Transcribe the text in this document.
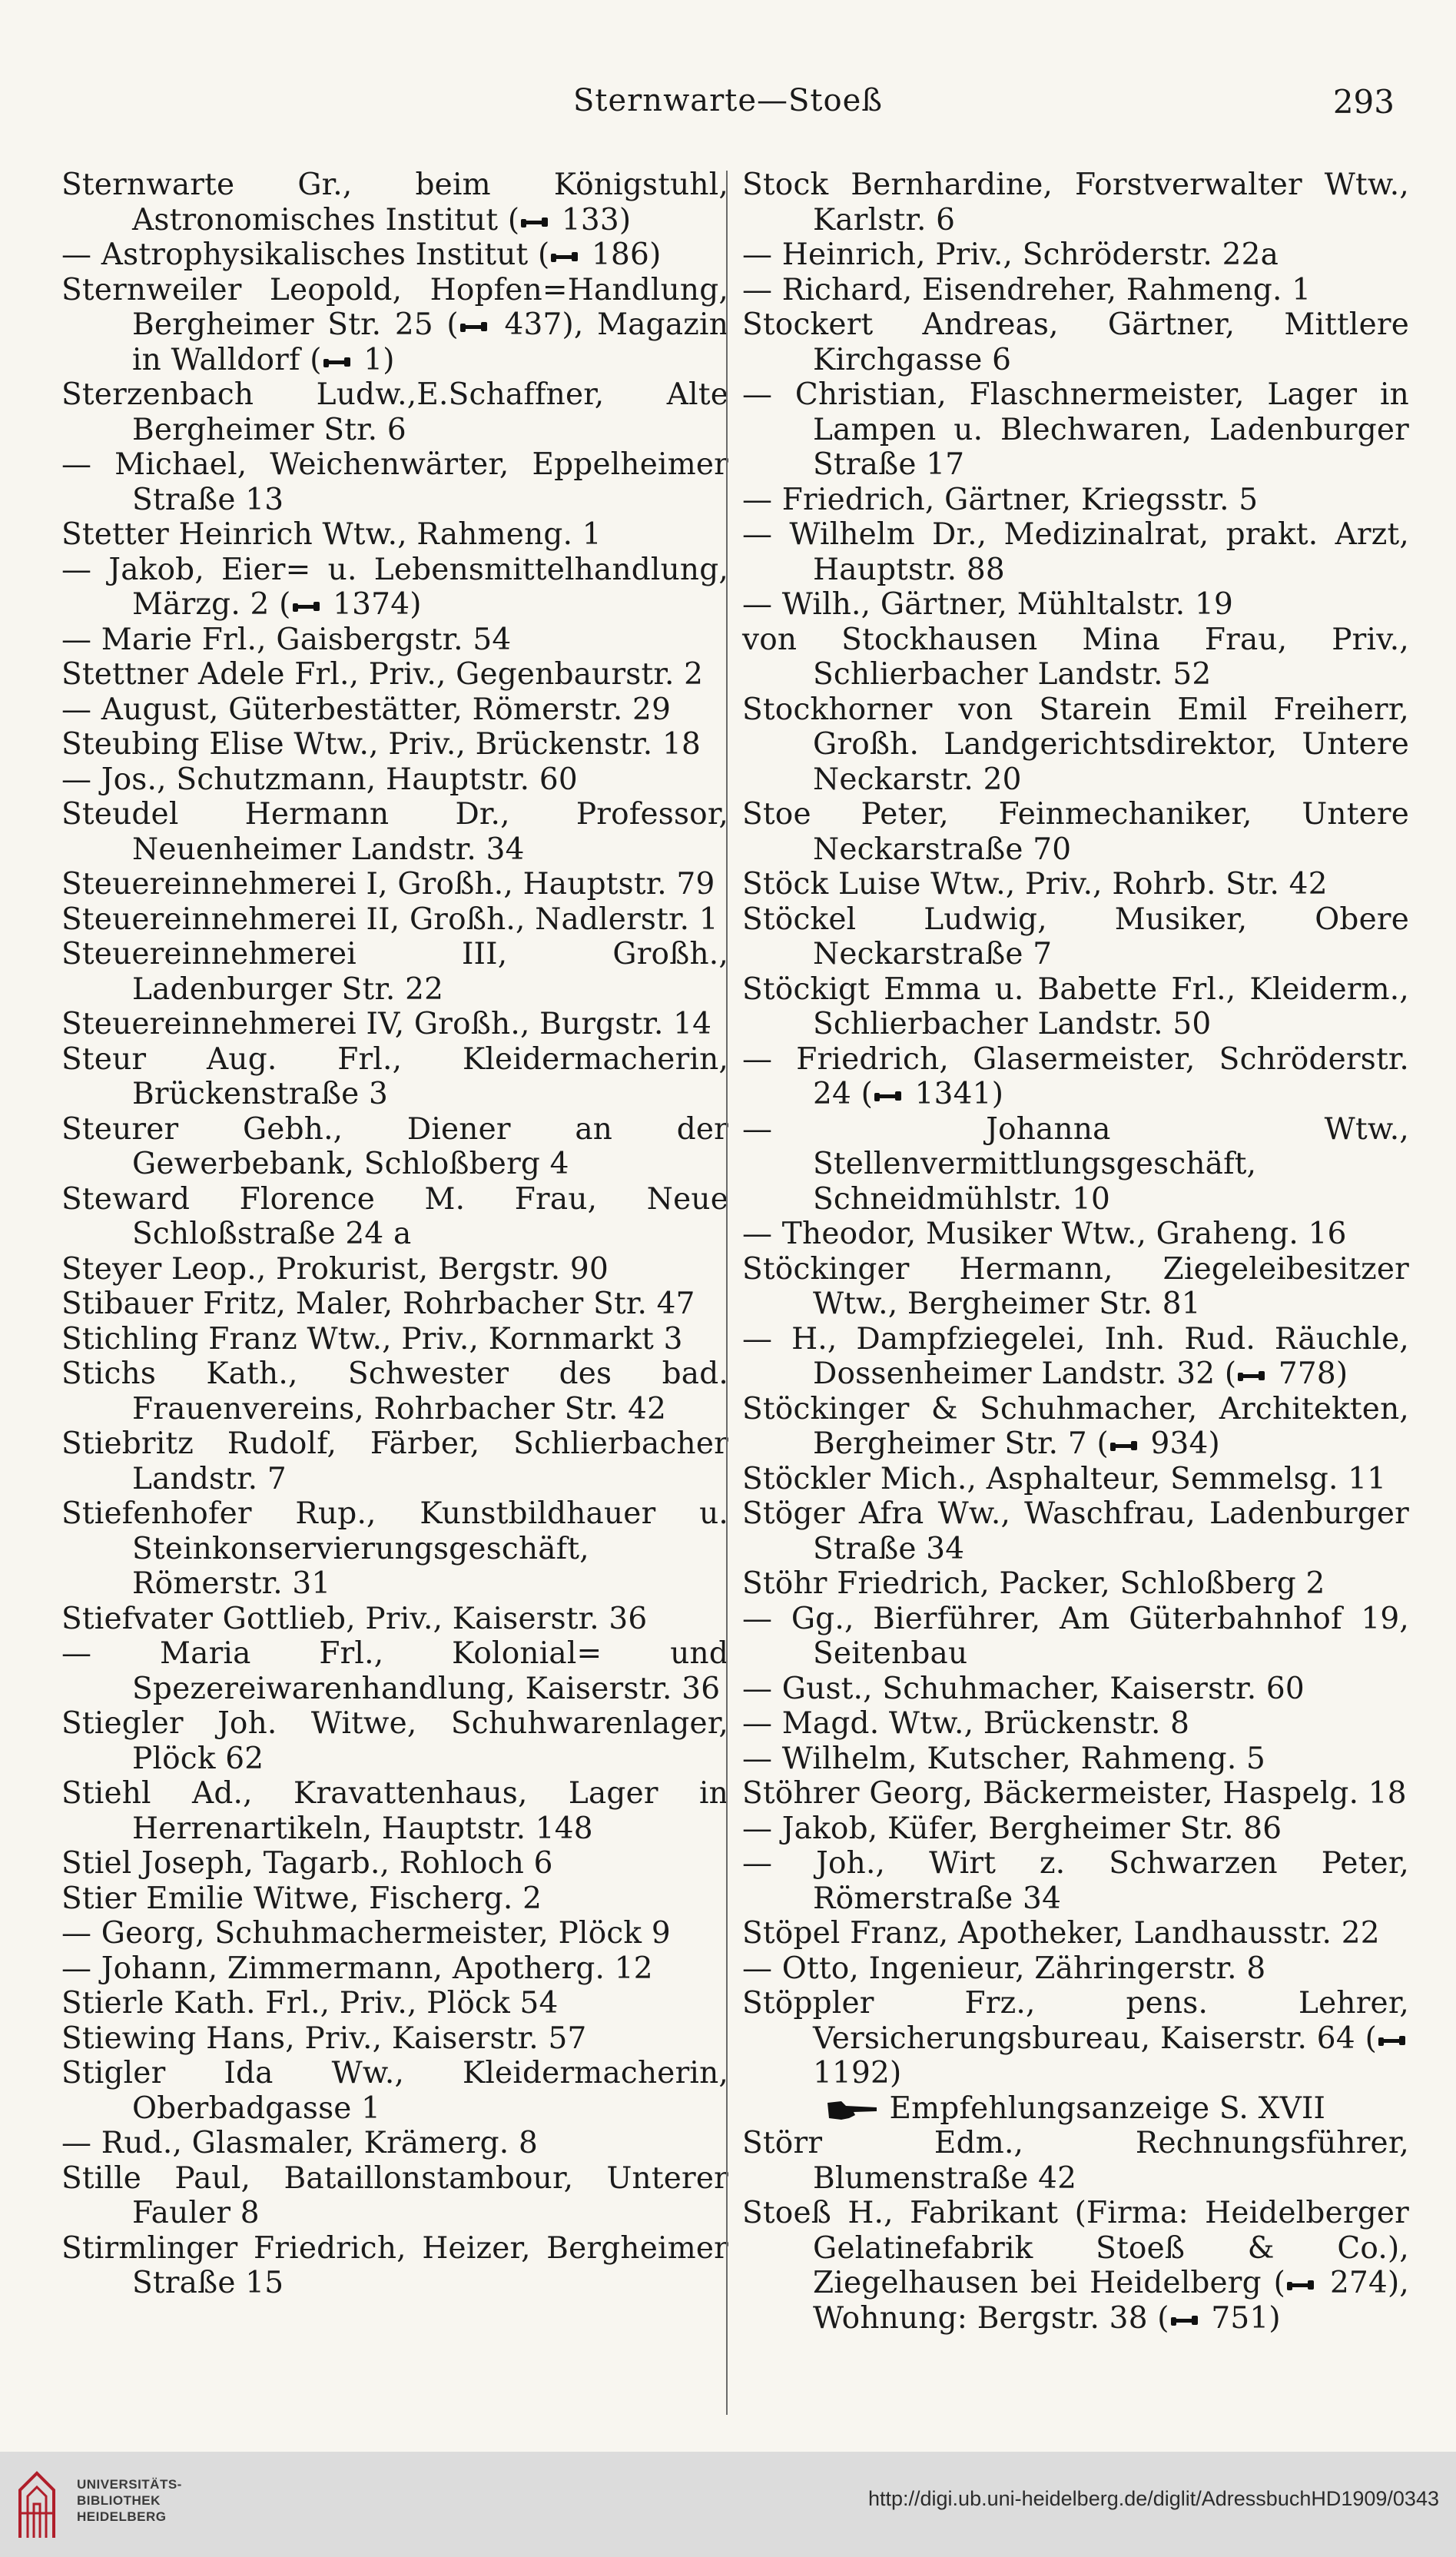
Sternwarte—Stoeß	293
Sternwarte Gr., beim Königstuhl, Astronomisches Institut ( 133)
— Astrophysikalisches Institut ( 186)
Sternweiler Leopold, Hopfen=Handlung, Bergheimer Str. 25 ( 437), Magazin in Walldorf ( 1)
Sterzenbach Ludw.,E.Schaffner, Alte Bergheimer Str. 6
— Michael, Weichenwärter, Eppelheimer Straße 13
Stetter Heinrich Wtw., Rahmeng. 1
— Jakob, Eier= u. Lebensmittelhandlung, Märzg. 2 ( 1374)
— Marie Frl., Gaisbergstr. 54
Stettner Adele Frl., Priv., Gegenbaurstr. 2
— August, Güterbestätter, Römerstr. 29
Steubing Elise Wtw., Priv., Brückenstr. 18
— Jos., Schutzmann, Hauptstr. 60
Steudel Hermann Dr., Professor, Neuenheimer Landstr. 34
Steuereinnehmerei I, Großh., Hauptstr. 79
Steuereinnehmerei II, Großh., Nadlerstr. 1
Steuereinnehmerei III, Großh., Ladenburger Str. 22
Steuereinnehmerei IV, Großh., Burgstr. 14
Steur Aug. Frl., Kleidermacherin, Brückenstraße 3
Steurer Gebh., Diener an der Gewerbebank, Schloßberg 4
Steward Florence M. Frau, Neue Schloßstraße 24 a
Steyer Leop., Prokurist, Bergstr. 90
Stibauer Fritz, Maler, Rohrbacher Str. 47
Stichling Franz Wtw., Priv., Kornmarkt 3
Stichs Kath., Schwester des bad. Frauenvereins, Rohrbacher Str. 42
Stiebritz Rudolf, Färber, Schlierbacher Landstr. 7
Stiefenhofer Rup., Kunstbildhauer u. Steinkonservierungsgeschäft, Römerstr. 31
Stiefvater Gottlieb, Priv., Kaiserstr. 36
— Maria Frl., Kolonial= und Spezereiwarenhandlung, Kaiserstr. 36
Stiegler Joh. Witwe, Schuhwarenlager, Plöck 62
Stiehl Ad., Kravattenhaus, Lager in Herrenartikeln, Hauptstr. 148
Stiel Joseph, Tagarb., Rohloch 6
Stier Emilie Witwe, Fischerg. 2
— Georg, Schuhmachermeister, Plöck 9
— Johann, Zimmermann, Apotherg. 12
Stierle Kath. Frl., Priv., Plöck 54
Stiewing Hans, Priv., Kaiserstr. 57
Stigler Ida Ww., Kleidermacherin, Oberbadgasse 1
— Rud., Glasmaler, Krämerg. 8
Stille Paul, Bataillonstambour, Unterer Fauler 8
Stirmlinger Friedrich, Heizer, Bergheimer Straße 15
Stock Bernhardine, Forstverwalter Wtw., Karlstr. 6
— Heinrich, Priv., Schröderstr. 22a
— Richard, Eisendreher, Rahmeng. 1
Stockert Andreas, Gärtner, Mittlere Kirchgasse 6
— Christian, Flaschnermeister, Lager in Lampen u. Blechwaren, Ladenburger Straße 17
— Friedrich, Gärtner, Kriegsstr. 5
— Wilhelm Dr., Medizinalrat, prakt. Arzt, Hauptstr. 88
— Wilh., Gärtner, Mühltalstr. 19
von Stockhausen Mina Frau, Priv., Schlierbacher Landstr. 52
Stockhorner von Starein Emil Freiherr, Großh. Landgerichtsdirektor, Untere Neckarstr. 20
Stoe Peter, Feinmechaniker, Untere Neckarstraße 70
Stöck Luise Wtw., Priv., Rohrb. Str. 42
Stöckel Ludwig, Musiker, Obere Neckarstraße 7
Stöckigt Emma u. Babette Frl., Kleiderm., Schlierbacher Landstr. 50
— Friedrich, Glasermeister, Schröderstr. 24 ( 1341)
— Johanna Wtw., Stellenvermittlungsgeschäft, Schneidmühlstr. 10
— Theodor, Musiker Wtw., Graheng. 16
Stöckinger Hermann, Ziegeleibesitzer Wtw., Bergheimer Str. 81
— H., Dampfziegelei, Inh. Rud. Räuchle, Dossenheimer Landstr. 32 ( 778)
Stöckinger & Schuhmacher, Architekten, Bergheimer Str. 7 ( 934)
Stöckler Mich., Asphalteur, Semmelsg. 11
Stöger Afra Ww., Waschfrau, Ladenburger Straße 34
Stöhr Friedrich, Packer, Schloßberg 2
— Gg., Bierführer, Am Güterbahnhof 19, Seitenbau
— Gust., Schuhmacher, Kaiserstr. 60
— Magd. Wtw., Brückenstr. 8
— Wilhelm, Kutscher, Rahmeng. 5
Stöhrer Georg, Bäckermeister, Haspelg. 18
— Jakob, Küfer, Bergheimer Str. 86
— Joh., Wirt z. Schwarzen Peter, Römerstraße 34
Stöpel Franz, Apotheker, Landhausstr. 22
— Otto, Ingenieur, Zähringerstr. 8
Stöppler Frz., pens. Lehrer, Versicherungsbureau, Kaiserstr. 64 ( 1192)
Empfehlungsanzeige S. XVII
Störr Edm., Rechnungsführer, Blumenstraße 42
Stoeß H., Fabrikant (Firma: Heidelberger Gelatinefabrik Stoeß & Co.), Ziegelhausen bei Heidelberg ( 274), Wohnung: Bergstr. 38 ( 751)
UNIVERSITÄTS-
BIBLIOTHEK
HEIDELBERG
http://digi.ub.uni-heidelberg.de/diglit/AdressbuchHD1909/0343
